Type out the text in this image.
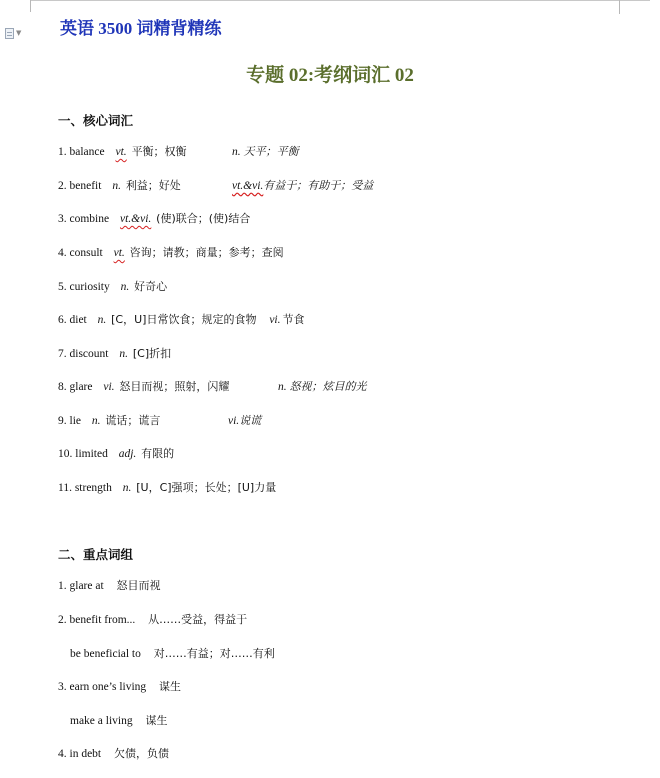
▼ 英语 3500 词精背精练
专题 02:考纲词汇 02
一、核心词汇
1. balance vt. 平衡；权衡	n. 天平；平衡
2. benefit n. 利益；好处	vt.&vi.有益于；有助于；受益
3. combine vt.&vi. (使)联合；(使)结合
4. consult vt. 咨询；请教；商量；参考；查阅
5. curiosity n. 好奇心
6. diet n. [C，U]日常饮食；规定的食物 vi. 节食
7. discount n. [C]折扣
8. glare vi. 怒目而视；照射，闪耀	n. 怒视；炫目的光
9. lie n. 谎话；谎言	vi.说谎
10. limited adj. 有限的
11. strength n. [U，C]强项；长处；[U]力量
二、重点词组
1. glare at 怒目而视
2. benefit from... 从……受益，得益于
be beneficial to 对……有益；对……有利
3. earn one’s living 谋生
make a living 谋生
4. in debt 欠债，负债
